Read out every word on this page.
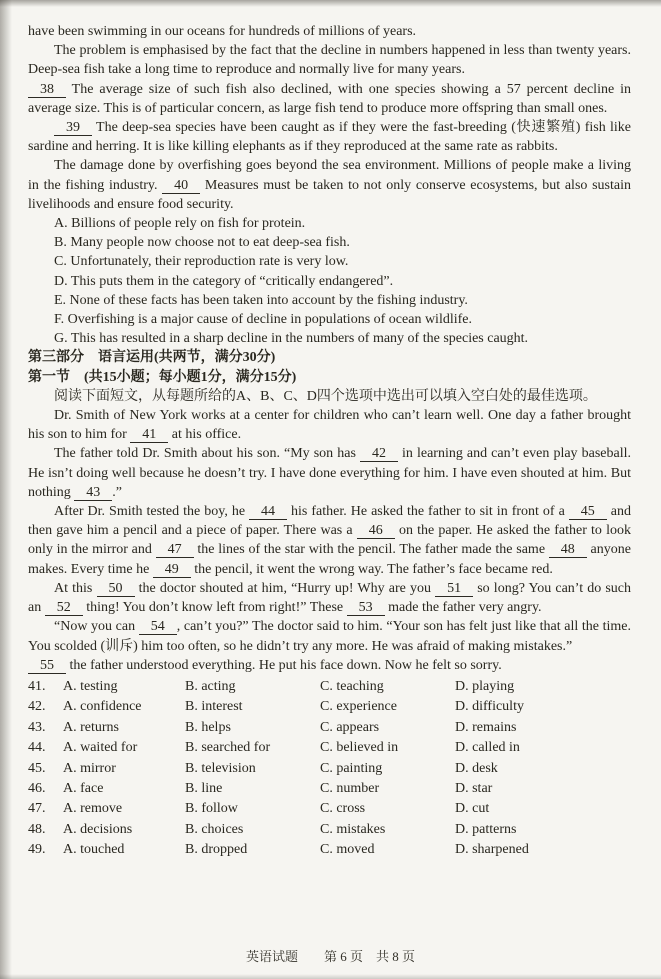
have been swimming in our oceans for hundreds of millions of years.

The problem is emphasised by the fact that the decline in numbers happened in less than twenty years. Deep-sea fish take a long time to reproduce and normally live for many years.

38 The average size of such fish also declined, with one species showing a 57 percent decline in average size. This is of particular concern, as large fish tend to produce more offspring than small ones.

39 The deep-sea species have been caught as if they were the fast-breeding (快速繁殖) fish like sardine and herring. It is like killing elephants as if they reproduced at the same rate as rabbits.

The damage done by overfishing goes beyond the sea environment. Millions of people make a living in the fishing industry. 40 Measures must be taken to not only conserve ecosystems, but also sustain livelihoods and ensure food security.

A. Billions of people rely on fish for protein.

B. Many people now choose not to eat deep-sea fish.

C. Unfortunately, their reproduction rate is very low.

D. This puts them in the category of “critically endangered”.

E. None of these facts has been taken into account by the fishing industry.

F. Overfishing is a major cause of decline in populations of ocean wildlife.

G. This has resulted in a sharp decline in the numbers of many of the species caught.

第三部分　语言运用(共两节，满分30分)

第一节　(共15小题；每小题1分，满分15分)

阅读下面短文，从每题所给的A、B、C、D四个选项中选出可以填入空白处的最佳选项。

Dr. Smith of New York works at a center for children who can’t learn well. One day a father brought his son to him for 41 at his office.

The father told Dr. Smith about his son. “My son has 42 in learning and can’t even play baseball. He isn’t doing well because he doesn’t try. I have done everything for him. I have even shouted at him. But nothing 43 .”

After Dr. Smith tested the boy, he 44 his father. He asked the father to sit in front of a 45 and then gave him a pencil and a piece of paper. There was a 46 on the paper. He asked the father to look only in the mirror and 47 the lines of the star with the pencil. The father made the same 48 anyone makes. Every time he 49 the pencil, it went the wrong way. The father’s face became red.

At this 50 the doctor shouted at him, “Hurry up! Why are you 51 so long? You can’t do such an 52 thing! You don’t know left from right!” These 53 made the father very angry.

“Now you can 54 , can’t you?” The doctor said to him. “Your son has felt just like that all the time. You scolded (训斥) him too often, so he didn’t try any more. He was afraid of making mistakes.”

55 the father understood everything. He put his face down. Now he felt so sorry.

41.	A. testing	B. acting	C. teaching	D. playing
42.	A. confidence	B. interest	C. experience	D. difficulty
43.	A. returns	B. helps	C. appears	D. remains
44.	A. waited for	B. searched for	C. believed in	D. called in
45.	A. mirror	B. television	C. painting	D. desk
46.	A. face	B. line	C. number	D. star
47.	A. remove	B. follow	C. cross	D. cut
48.	A. decisions	B. choices	C. mistakes	D. patterns
49.	A. touched	B. dropped	C. moved	D. sharpened
英语试题　　第 6 页　共 8 页
